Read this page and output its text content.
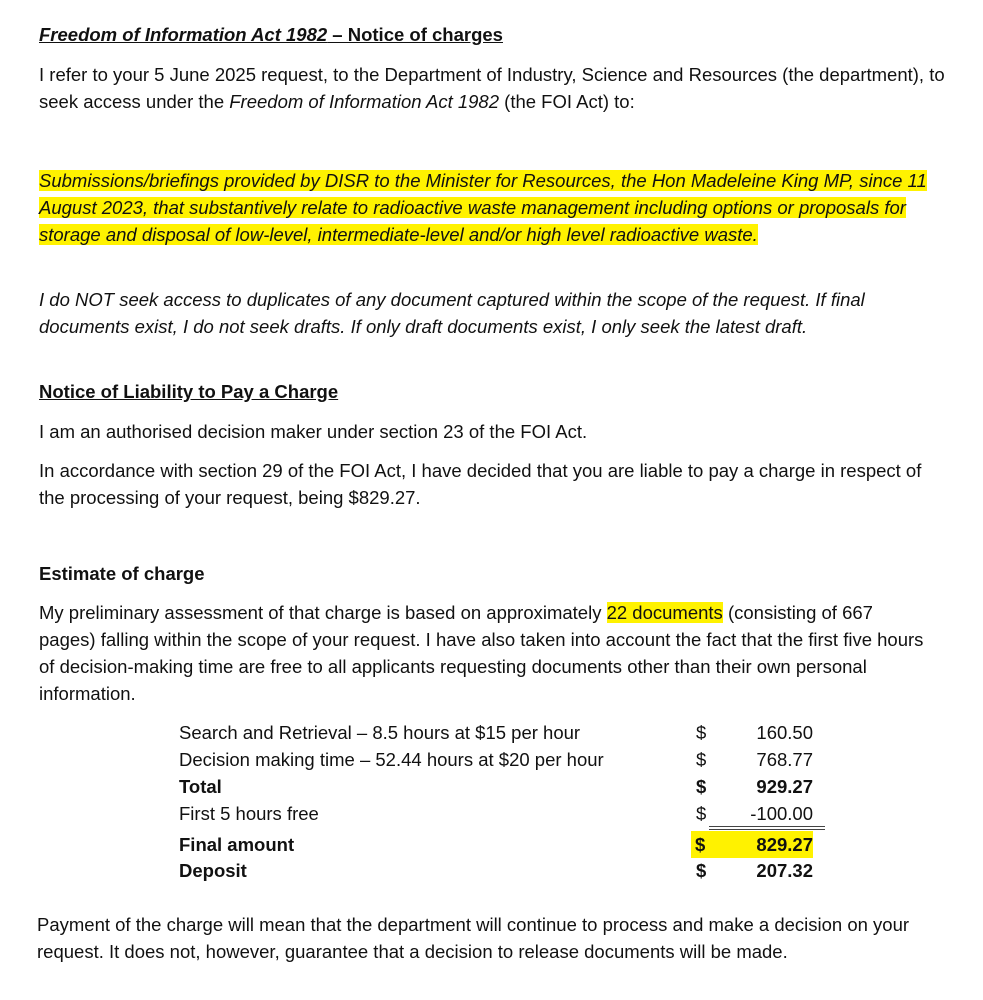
Freedom of Information Act 1982 – Notice of charges

I refer to your 5 June 2025 request, to the Department of Industry, Science and Resources (the department), to seek access under the Freedom of Information Act 1982 (the FOI Act) to:

Submissions/briefings provided by DISR to the Minister for Resources, the Hon Madeleine King MP, since 11 August 2023, that substantively relate to radioactive waste management including options or proposals for storage and disposal of low-level, intermediate-level and/or high level radioactive waste.

I do NOT seek access to duplicates of any document captured within the scope of the request. If final documents exist, I do not seek drafts. If only draft documents exist, I only seek the latest draft.

Notice of Liability to Pay a Charge

I am an authorised decision maker under section 23 of the FOI Act.

In accordance with section 29 of the FOI Act, I have decided that you are liable to pay a charge in respect of the processing of your request, being $829.27.

Estimate of charge

My preliminary assessment of that charge is based on approximately 22 documents (consisting of 667 pages) falling within the scope of your request. I have also taken into account the fact that the first five hours of decision-making time are free to all applicants requesting documents other than their own personal information.

Search and Retrieval – 8.5 hours at $15 per hour	$	160.50
Decision making time – 52.44 hours at $20 per hour	$	768.77
Total	$	929.27
First 5 hours free	$	-100.00
Final amount	$	829.27
Deposit	$	207.32

Payment of the charge will mean that the department will continue to process and make a decision on your request. It does not, however, guarantee that a decision to release documents will be made.
